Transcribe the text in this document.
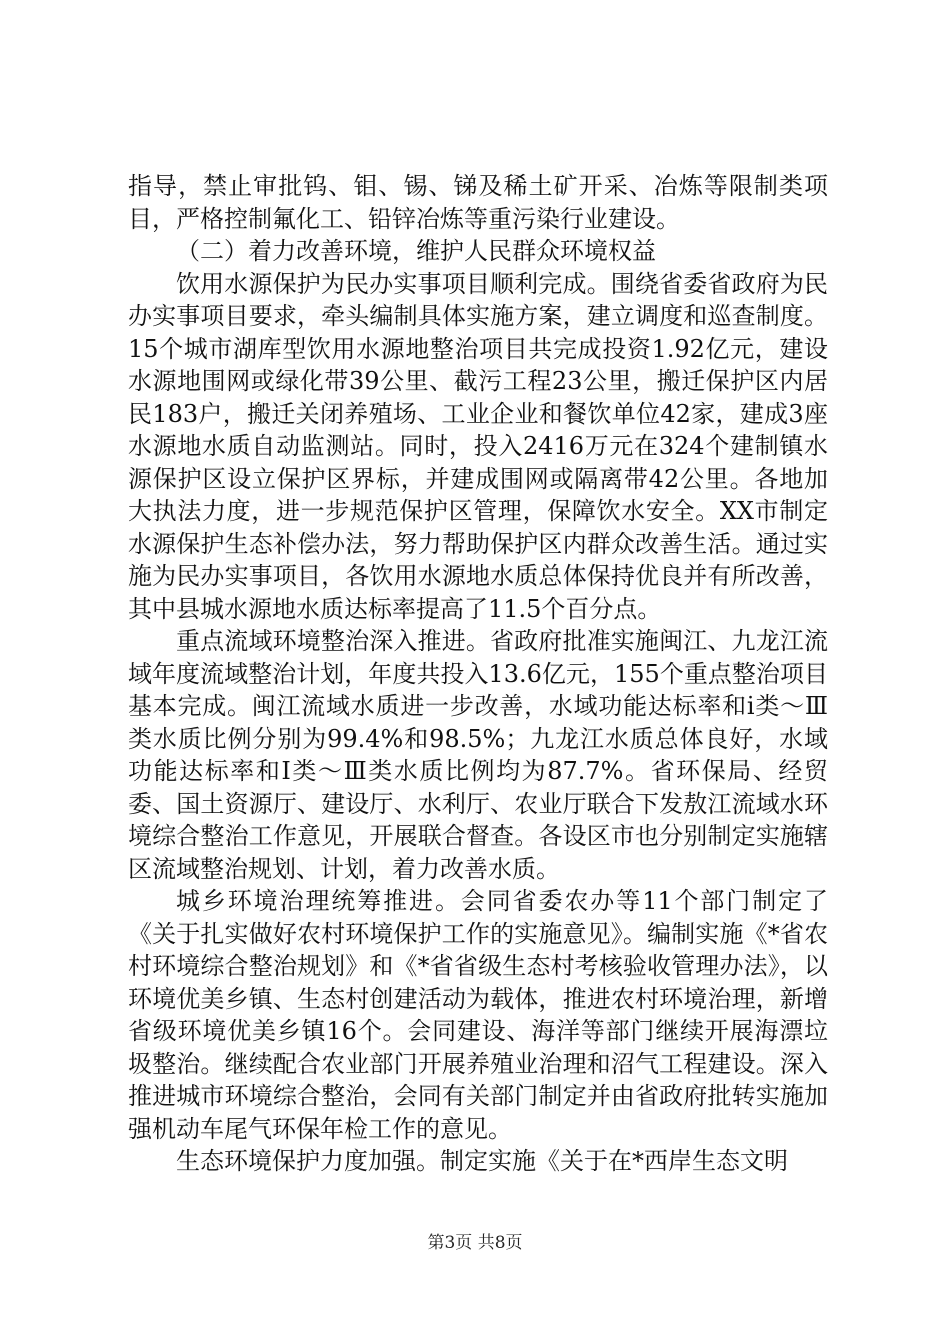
指导，禁止审批钨、钼、锡、锑及稀土矿开采、冶炼等限制类项目，严格控制氟化工、铅锌冶炼等重污染行业建设。

（二）着力改善环境，维护人民群众环境权益

饮用水源保护为民办实事项目顺利完成。围绕省委省政府为民办实事项目要求，牵头编制具体实施方案，建立调度和巡查制度。15个城市湖库型饮用水源地整治项目共完成投资1.92亿元，建设水源地围网或绿化带39公里、截污工程23公里，搬迁保护区内居民183户，搬迁关闭养殖场、工业企业和餐饮单位42家，建成3座水源地水质自动监测站。同时，投入2416万元在324个建制镇水源保护区设立保护区界标，并建成围网或隔离带42公里。各地加大执法力度，进一步规范保护区管理，保障饮水安全。XX市制定水源保护生态补偿办法，努力帮助保护区内群众改善生活。通过实施为民办实事项目，各饮用水源地水质总体保持优良并有所改善，其中县城水源地水质达标率提高了11.5个百分点。

重点流域环境整治深入推进。省政府批准实施闽江、九龙江流域年度流域整治计划，年度共投入13.6亿元，155个重点整治项目基本完成。闽江流域水质进一步改善，水域功能达标率和ⅰ类～Ⅲ类水质比例分别为99.4%和98.5%；九龙江水质总体良好，水域功能达标率和Ⅰ类～Ⅲ类水质比例均为87.7%。省环保局、经贸委、国土资源厅、建设厅、水利厅、农业厅联合下发敖江流域水环境综合整治工作意见，开展联合督查。各设区市也分别制定实施辖区流域整治规划、计划，着力改善水质。

城乡环境治理统筹推进。会同省委农办等11个部门制定了《关于扎实做好农村环境保护工作的实施意见》。编制实施《*省农村环境综合整治规划》和《*省省级生态村考核验收管理办法》，以环境优美乡镇、生态村创建活动为载体，推进农村环境治理，新增省级环境优美乡镇16个。会同建设、海洋等部门继续开展海漂垃圾整治。继续配合农业部门开展养殖业治理和沼气工程建设。深入推进城市环境综合整治，会同有关部门制定并由省政府批转实施加强机动车尾气环保年检工作的意见。

生态环境保护力度加强。制定实施《关于在*西岸生态文明

第3页 共8页
